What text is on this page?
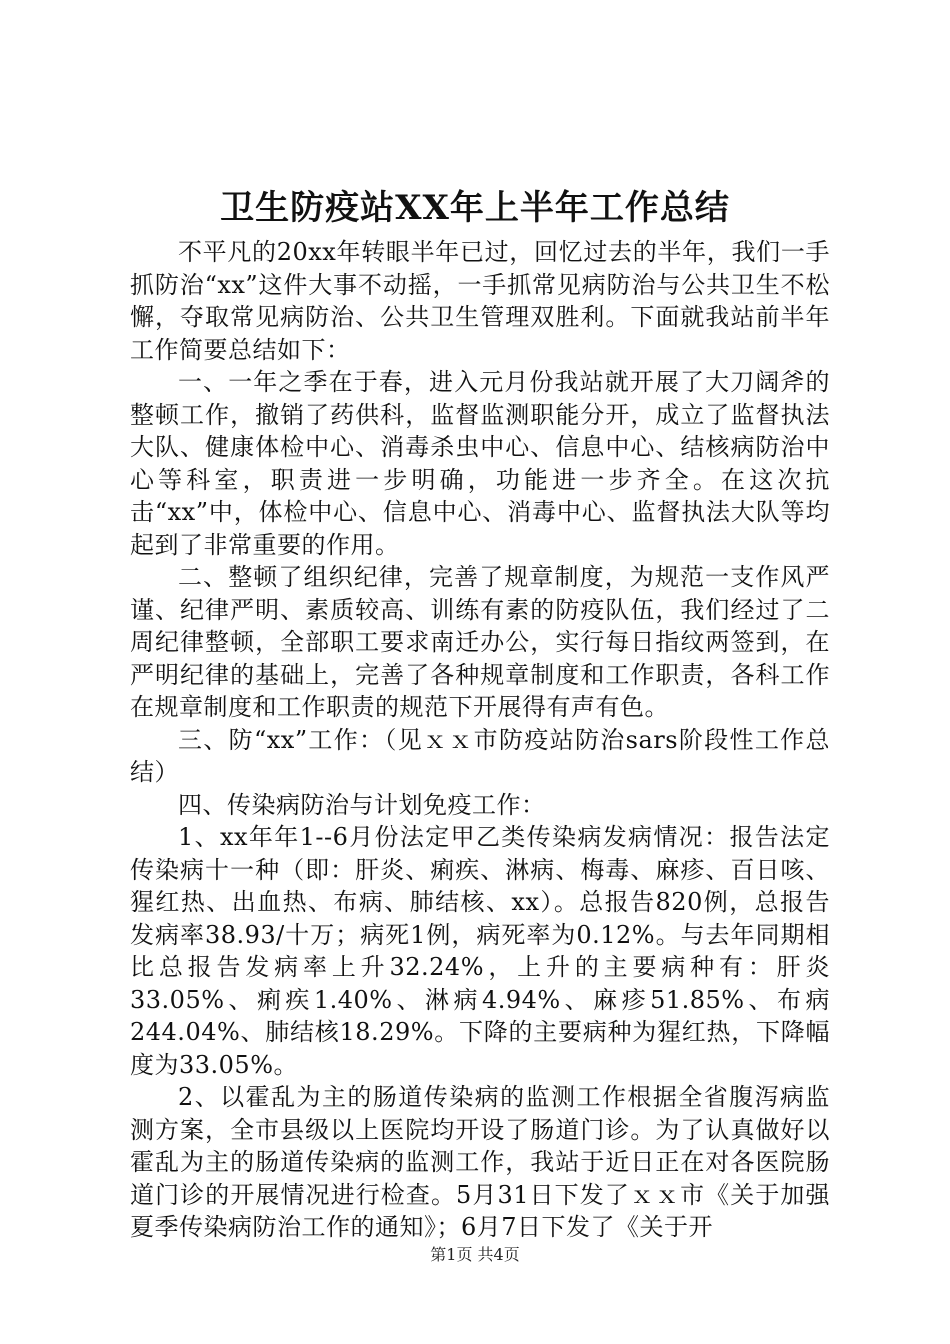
卫生防疫站XX年上半年工作总结

不平凡的20xx年转眼半年已过，回忆过去的半年，我们一手抓防治“xx”这件大事不动摇，一手抓常见病防治与公共卫生不松懈，夺取常见病防治、公共卫生管理双胜利。下面就我站前半年工作简要总结如下：

一、一年之季在于春，进入元月份我站就开展了大刀阔斧的整顿工作，撤销了药供科，监督监测职能分开，成立了监督执法大队、健康体检中心、消毒杀虫中心、信息中心、结核病防治中心等科室，职责进一步明确，功能进一步齐全。在这次抗击“xx”中，体检中心、信息中心、消毒中心、监督执法大队等均起到了非常重要的作用。

二、整顿了组织纪律，完善了规章制度，为规范一支作风严谨、纪律严明、素质较高、训练有素的防疫队伍，我们经过了二周纪律整顿，全部职工要求南迁办公，实行每日指纹两签到，在严明纪律的基础上，完善了各种规章制度和工作职责，各科工作在规章制度和工作职责的规范下开展得有声有色。

三、防“xx”工作：（见ｘｘ市防疫站防治sars阶段性工作总结）

四、传染病防治与计划免疫工作：

1、xx年年1--6月份法定甲乙类传染病发病情况：报告法定传染病十一种（即：肝炎、痢疾、淋病、梅毒、麻疹、百日咳、猩红热、出血热、布病、肺结核、xx）。总报告820例，总报告发病率38.93/十万；病死1例，病死率为0.12%。与去年同期相比总报告发病率上升32.24%，上升的主要病种有：肝炎33.05%、痢疾1.40%、淋病4.94%、麻疹51.85%、布病244.04%、肺结核18.29%。下降的主要病种为猩红热，下降幅度为33.05%。

2、以霍乱为主的肠道传染病的监测工作根据全省腹泻病监测方案，全市县级以上医院均开设了肠道门诊。为了认真做好以霍乱为主的肠道传染病的监测工作，我站于近日正在对各医院肠道门诊的开展情况进行检查。5月31日下发了ｘｘ市《关于加强夏季传染病防治工作的通知》；6月7日下发了《关于开

第1页 共4页
